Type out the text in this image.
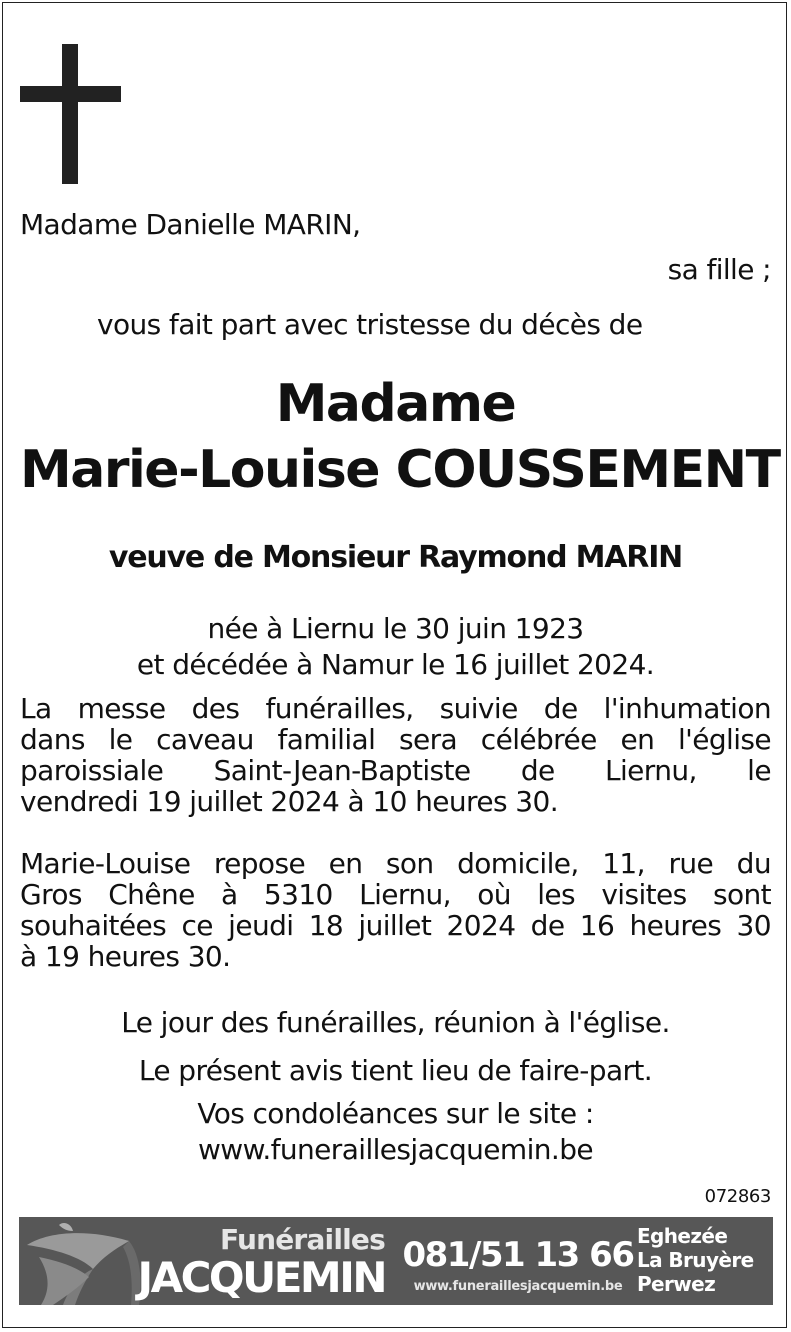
Madame Danielle MARIN,
sa fille ;
vous fait part avec tristesse du décès de
Madame
Marie-Louise COUSSEMENT
veuve de Monsieur Raymond MARIN
née à Liernu le 30 juin 1923
et décédée à Namur le 16 juillet 2024.
La messe des funérailles, suivie de l'inhumation
dans le caveau familial sera célébrée en l'église
paroissiale Saint-Jean-Baptiste de Liernu, le
vendredi 19 juillet 2024 à 10 heures 30.
Marie-Louise repose en son domicile, 11, rue du
Gros Chêne à 5310 Liernu, où les visites sont
souhaitées ce jeudi 18 juillet 2024 de 16 heures 30
à 19 heures 30.
Le jour des funérailles, réunion à l'église.
Le présent avis tient lieu de faire-part.
Vos condoléances sur le site :
www.funeraillesjacquemin.be
072863
Funérailles
JACQUEMIN 081/51 13 66
www.funeraillesjacquemin.be
Eghezée
La Bruyère
Perwez
